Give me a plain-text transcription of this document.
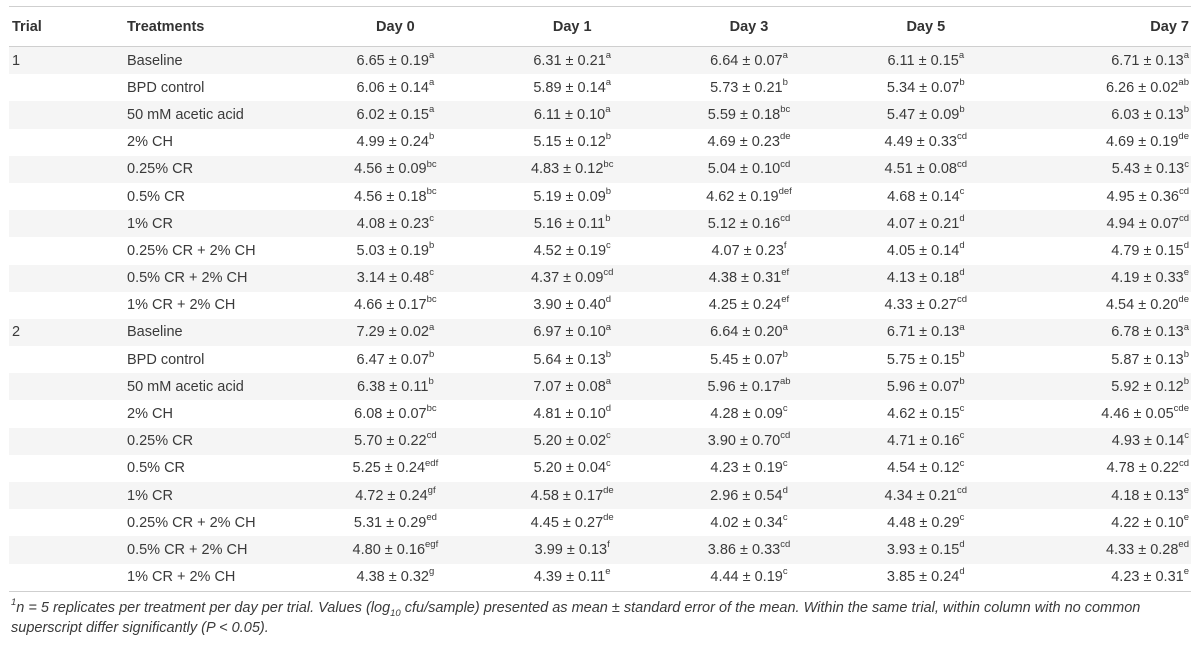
Trial	Treatments	Day 0	Day 1	Day 3	Day 5	Day 7
1	Baseline	6.65 ± 0.19$^a$	6.31 ± 0.21$^a$	6.64 ± 0.07$^a$	6.11 ± 0.15$^a$	6.71 ± 0.13$^a$
	BPD control	6.06 ± 0.14$^a$	5.89 ± 0.14$^a$	5.73 ± 0.21$^b$	5.34 ± 0.07$^b$	6.26 ± 0.02$^{ab}$
	50 mM acetic acid	6.02 ± 0.15$^a$	6.11 ± 0.10$^a$	5.59 ± 0.18$^{bc}$	5.47 ± 0.09$^b$	6.03 ± 0.13$^b$
	2% CH	4.99 ± 0.24$^b$	5.15 ± 0.12$^b$	4.69 ± 0.23de	4.49 ± 0.33$^{cd}$	4.69 ± 0.19de
	0.25% CR	4.56 ± 0.09$^{bc}$	4.83 ± 0.12$^{bc}$	5.04 ± 0.10$^{cd}$	4.51 ± 0.08$^{cd}$	5.43 ± 0.13$^c$
	0.5% CR	4.56 ± 0.18$^{bc}$	5.19 ± 0.09$^b$	4.62 ± 0.19$^{def}$	4.68 ± 0.14$^c$	4.95 ± 0.36$^{cd}$
	1% CR	4.08 ± 0.23$^c$	5.16 ± 0.11$^b$	5.12 ± 0.16$^{cd}$	4.07 ± 0.21$^d$	4.94 ± 0.07$^{cd}$
	0.25% CR + 2% CH	5.03 ± 0.19$^b$	4.52 ± 0.19$^c$	4.07 ± 0.23$^f$	4.05 ± 0.14$^d$	4.79 ± 0.15$^d$
	0.5% CR + 2% CH	3.14 ± 0.48$^c$	4.37 ± 0.09$^{cd}$	4.38 ± 0.31$^{ef}$	4.13 ± 0.18$^d$	4.19 ± 0.33$^e$
	1% CR + 2% CH	4.66 ± 0.17$^{bc}$	3.90 ± 0.40$^d$	4.25 ± 0.24$^{ef}$	4.33 ± 0.27$^{cd}$	4.54 ± 0.20de
2	Baseline	7.29 ± 0.02$^a$	6.97 ± 0.10$^a$	6.64 ± 0.20$^a$	6.71 ± 0.13$^a$	6.78 ± 0.13$^a$
	BPD control	6.47 ± 0.07$^b$	5.64 ± 0.13$^b$	5.45 ± 0.07$^b$	5.75 ± 0.15$^b$	5.87 ± 0.13$^b$
	50 mM acetic acid	6.38 ± 0.11$^b$	7.07 ± 0.08$^a$	5.96 ± 0.17$^{ab}$	5.96 ± 0.07$^b$	5.92 ± 0.12$^b$
	2% CH	6.08 ± 0.07$^{bc}$	4.81 ± 0.10$^d$	4.28 ± 0.09$^c$	4.62 ± 0.15$^c$	4.46 ± 0.05$^{cde}$
	0.25% CR	5.70 ± 0.22$^{cd}$	5.20 ± 0.02$^c$	3.90 ± 0.70$^{cd}$	4.71 ± 0.16$^c$	4.93 ± 0.14$^c$
	0.5% CR	5.25 ± 0.24$^{edf}$	5.20 ± 0.04$^c$	4.23 ± 0.19$^c$	4.54 ± 0.12$^c$	4.78 ± 0.22$^{cd}$
	1% CR	4.72 ± 0.24$^{gf}$	4.58 ± 0.17de	2.96 ± 0.54$^d$	4.34 ± 0.21$^{cd}$	4.18 ± 0.13$^e$
	0.25% CR + 2% CH	5.31 ± 0.29$^{ed}$	4.45 ± 0.27de	4.02 ± 0.34$^c$	4.48 ± 0.29$^c$	4.22 ± 0.10$^e$
	0.5% CR + 2% CH	4.80 ± 0.16$^{egf}$	3.99 ± 0.13$^f$	3.86 ± 0.33$^{cd}$	3.93 ± 0.15$^d$	4.33 ± 0.28$^{ed}$
	1% CR + 2% CH	4.38 ± 0.32$^g$	4.39 ± 0.11$^e$	4.44 ± 0.19$^c$	3.85 ± 0.24$^d$	4.23 ± 0.31$^e$
$^1$n = 5 replicates per treatment per day per trial. Values ($\log_{10}$ cfu/sample) presented as mean ± standard error of the mean. Within the same trial, within column with no common superscript differ significantly (P < 0.05).
